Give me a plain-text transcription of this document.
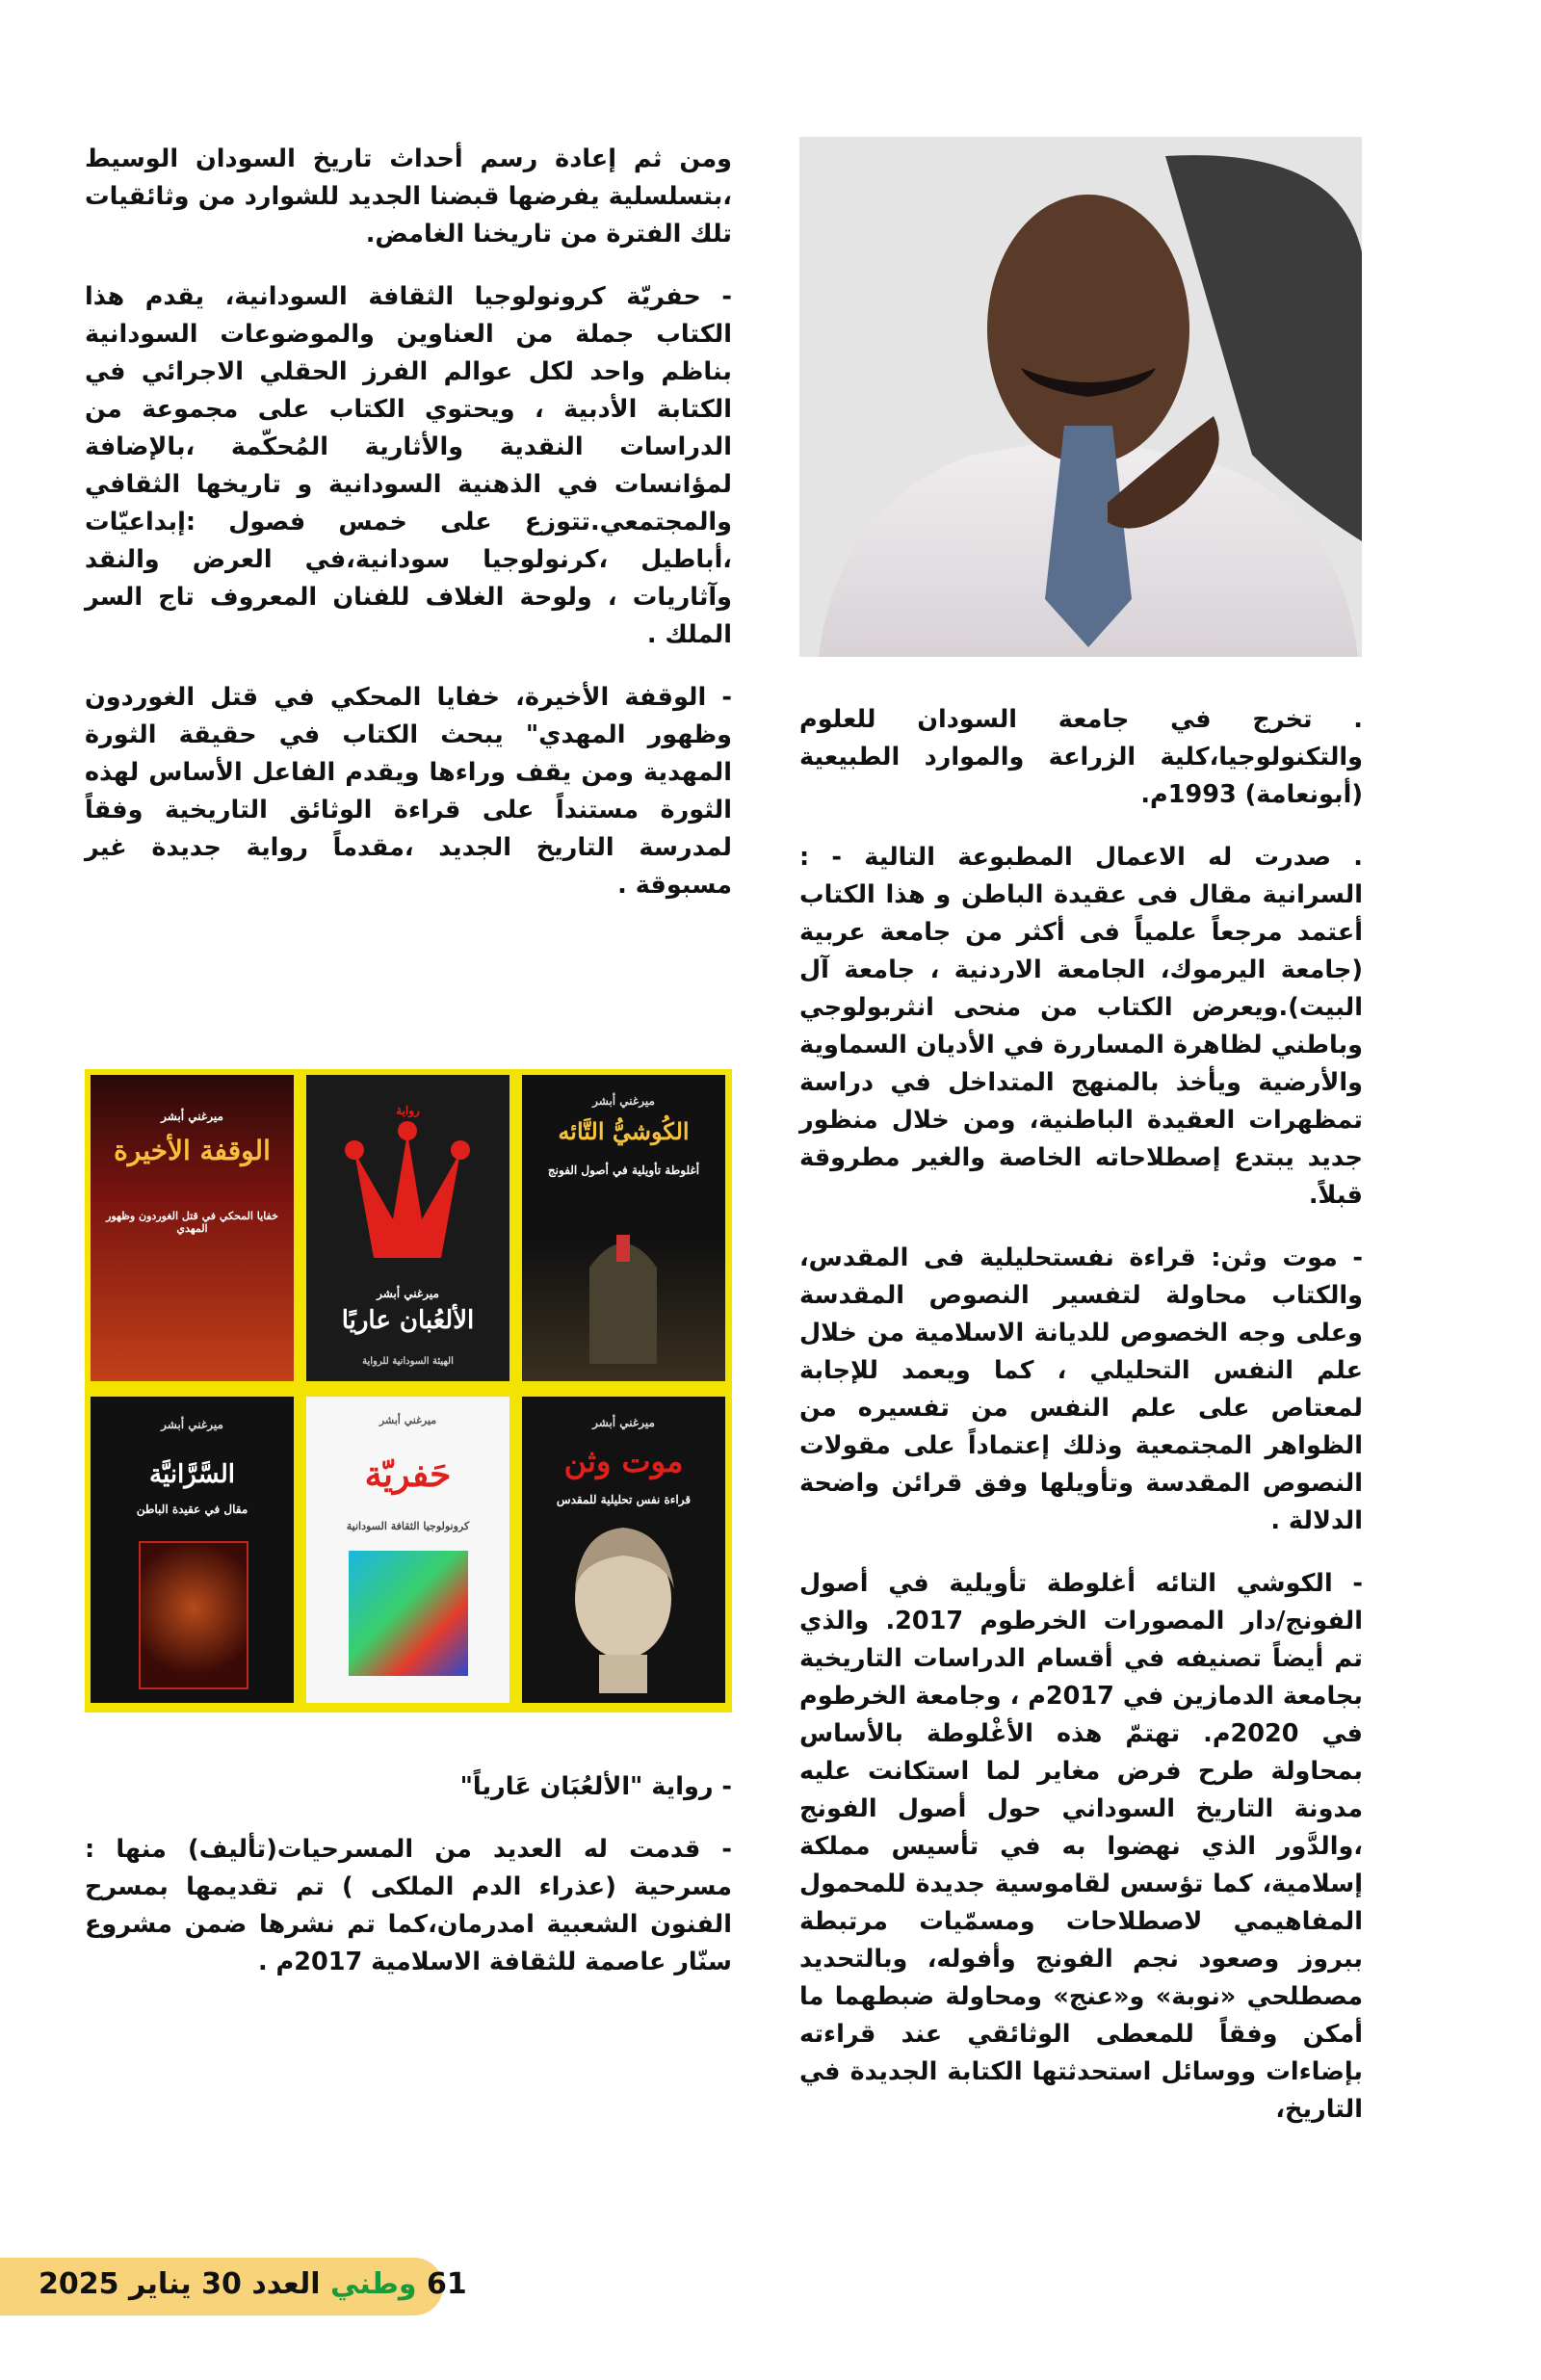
ومن ثم إعادة رسم أحداث تاريخ السودان الوسيط ،بتسلسلية يفرضها قبضنا الجديد للشوارد من وثائقيات تلك الفترة من تاريخنا الغامض.

- حفريّة كرونولوجيا الثقافة السودانية، يقدم هذا الكتاب جملة من العناوين والموضوعات السودانية بناظم واحد لكل عوالم الفرز الحقلي الاجرائي في الكتابة الأدبية ، ويحتوي الكتاب على مجموعة من الدراسات النقدية والأثارية المُحكّمة ،بالإضافة لمؤانسات في الذهنية السودانية و تاريخها الثقافي والمجتمعي.تتوزع على خمس فصول :إبداعيّات ،أباطيل ،كرنولوجيا سودانية،في العرض والنقد وآثاريات ، ولوحة الغلاف للفنان المعروف تاج السر الملك .

- الوقفة الأخيرة، خفايا المحكي في قتل الغوردون وظهور المهدي" يبحث الكتاب في حقيقة الثورة المهدية ومن يقف وراءها ويقدم الفاعل الأساس لهذه الثورة مستنداً على قراءة الوثائق التاريخية وفقاً لمدرسة التاريخ الجديد ،مقدماً رواية جديدة غير مسبوقة .

. تخرج في جامعة السودان للعلوم والتكنولوجيا،كلية الزراعة والموارد الطبيعية (أبونعامة) 1993م.

. صدرت له الاعمال المطبوعة التالية - : السرانية مقال فى عقيدة الباطن و هذا الكتاب أعتمد مرجعاً علمياً فى أكثر من جامعة عربية (جامعة اليرموك، الجامعة الاردنية ، جامعة آل البيت).ويعرض الكتاب من منحى انثربولوجي وباطني لظاهرة المساررة في الأديان السماوية والأرضية ويأخذ بالمنهج المتداخل في دراسة تمظهرات العقيدة الباطنية، ومن خلال منظور جديد يبتدع إصطلاحاته الخاصة والغير مطروقة قبلاً.

- موت وثن: قراءة نفستحليلية فى المقدس، والكتاب محاولة لتفسير النصوص المقدسة وعلى وجه الخصوص للديانة الاسلامية من خلال علم النفس التحليلي ، كما ويعمد للإجابة لمعتاص على علم النفس من تفسيره من الظواهر المجتمعية وذلك إعتماداً على مقولات النصوص المقدسة وتأويلها وفق قرائن واضحة الدلالة .

- الكوشي التائه أغلوطة تأويلية في أصول الفونج/دار المصورات الخرطوم 2017. والذي تم أيضاً تصنيفه في أقسام الدراسات التاريخية بجامعة الدمازين في 2017م ، وجامعة الخرطوم في 2020م. تهتمّ هذه الأغْلوطة بالأساس بمحاولة طرح فرض مغاير لما استكانت عليه مدونة التاريخ السوداني حول أصول الفونج ،والدَّور الذي نهضوا به في تأسيس مملكة إسلامية، كما تؤسس لقاموسية جديدة للمحمول المفاهيمي لاصطلاحات ومسمّيات مرتبطة ببروز وصعود نجم الفونج وأفوله، وبالتحديد مصطلحي «نوبة» و«عنج» ومحاولة ضبطهما ما أمكن وفقاً للمعطى الوثائقي عند قراءته بإضاءات ووسائل استحدثتها الكتابة الجديدة في التاريخ،

ميرغني أبشر
الوقفة الأخيرة
خفايا المحكي في قتل الغوردون وظهور المهدي
ميرغني أبشر
الألعُبان عاريًا
رواية
الهيئة السودانية للرواية
ميرغني أبشر
الكُوشيُّ التَّائه
أغلوطة تأويلية في أصول الفونج
ميرغني أبشر
السَّرَّانيَّة
مقال في عقيدة الباطن
ميرغني أبشر
حَفريّة
كرونولوجيا الثقافة السودانية
ميرغني أبشر
موت وثن
قراءة نفس تحليلية للمقدس

- رواية "الألعُبَان عَارياً"

- قدمت له العديد من المسرحيات(تأليف) منها : مسرحية (عذراء الدم الملكى ) تم تقديمها بمسرح الفنون الشعبية امدرمان،كما تم نشرها ضمن مشروع سنّار عاصمة للثقافة الاسلامية 2017م .

61 وطني العدد 30 يناير 2025
